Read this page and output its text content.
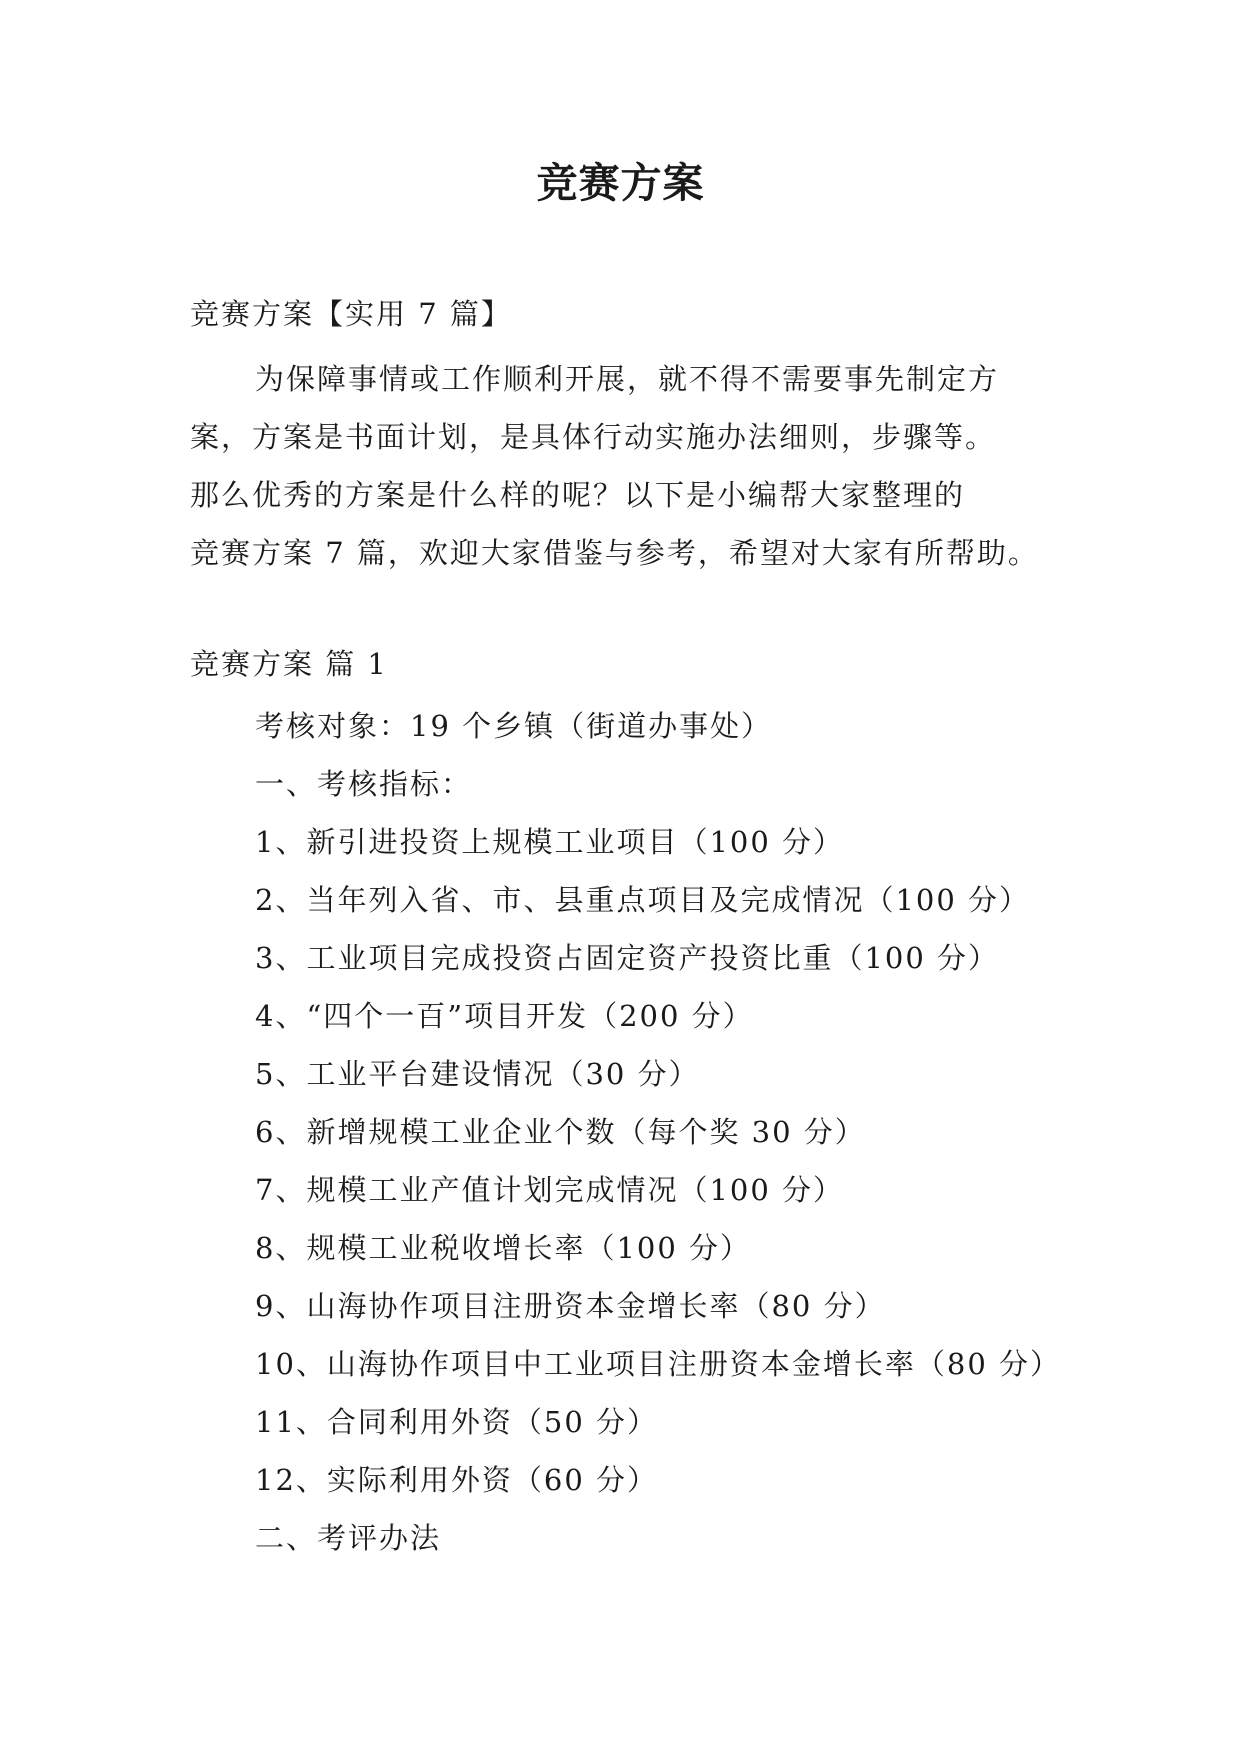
竞赛方案
竞赛方案【实用 7 篇】
为保障事情或工作顺利开展，就不得不需要事先制定方
案，方案是书面计划，是具体行动实施办法细则，步骤等。
那么优秀的方案是什么样的呢？以下是小编帮大家整理的
竞赛方案 7 篇，欢迎大家借鉴与参考，希望对大家有所帮助。
竞赛方案 篇 1
考核对象：19 个乡镇（街道办事处）
一、考核指标：
1、新引进投资上规模工业项目（100 分）
2、当年列入省、市、县重点项目及完成情况（100 分）
3、工业项目完成投资占固定资产投资比重（100 分）
4、“四个一百”项目开发（200 分）
5、工业平台建设情况（30 分）
6、新增规模工业企业个数（每个奖 30 分）
7、规模工业产值计划完成情况（100 分）
8、规模工业税收增长率（100 分）
9、山海协作项目注册资本金增长率（80 分）
10、山海协作项目中工业项目注册资本金增长率（80 分）
11、合同利用外资（50 分）
12、实际利用外资（60 分）
二、考评办法
